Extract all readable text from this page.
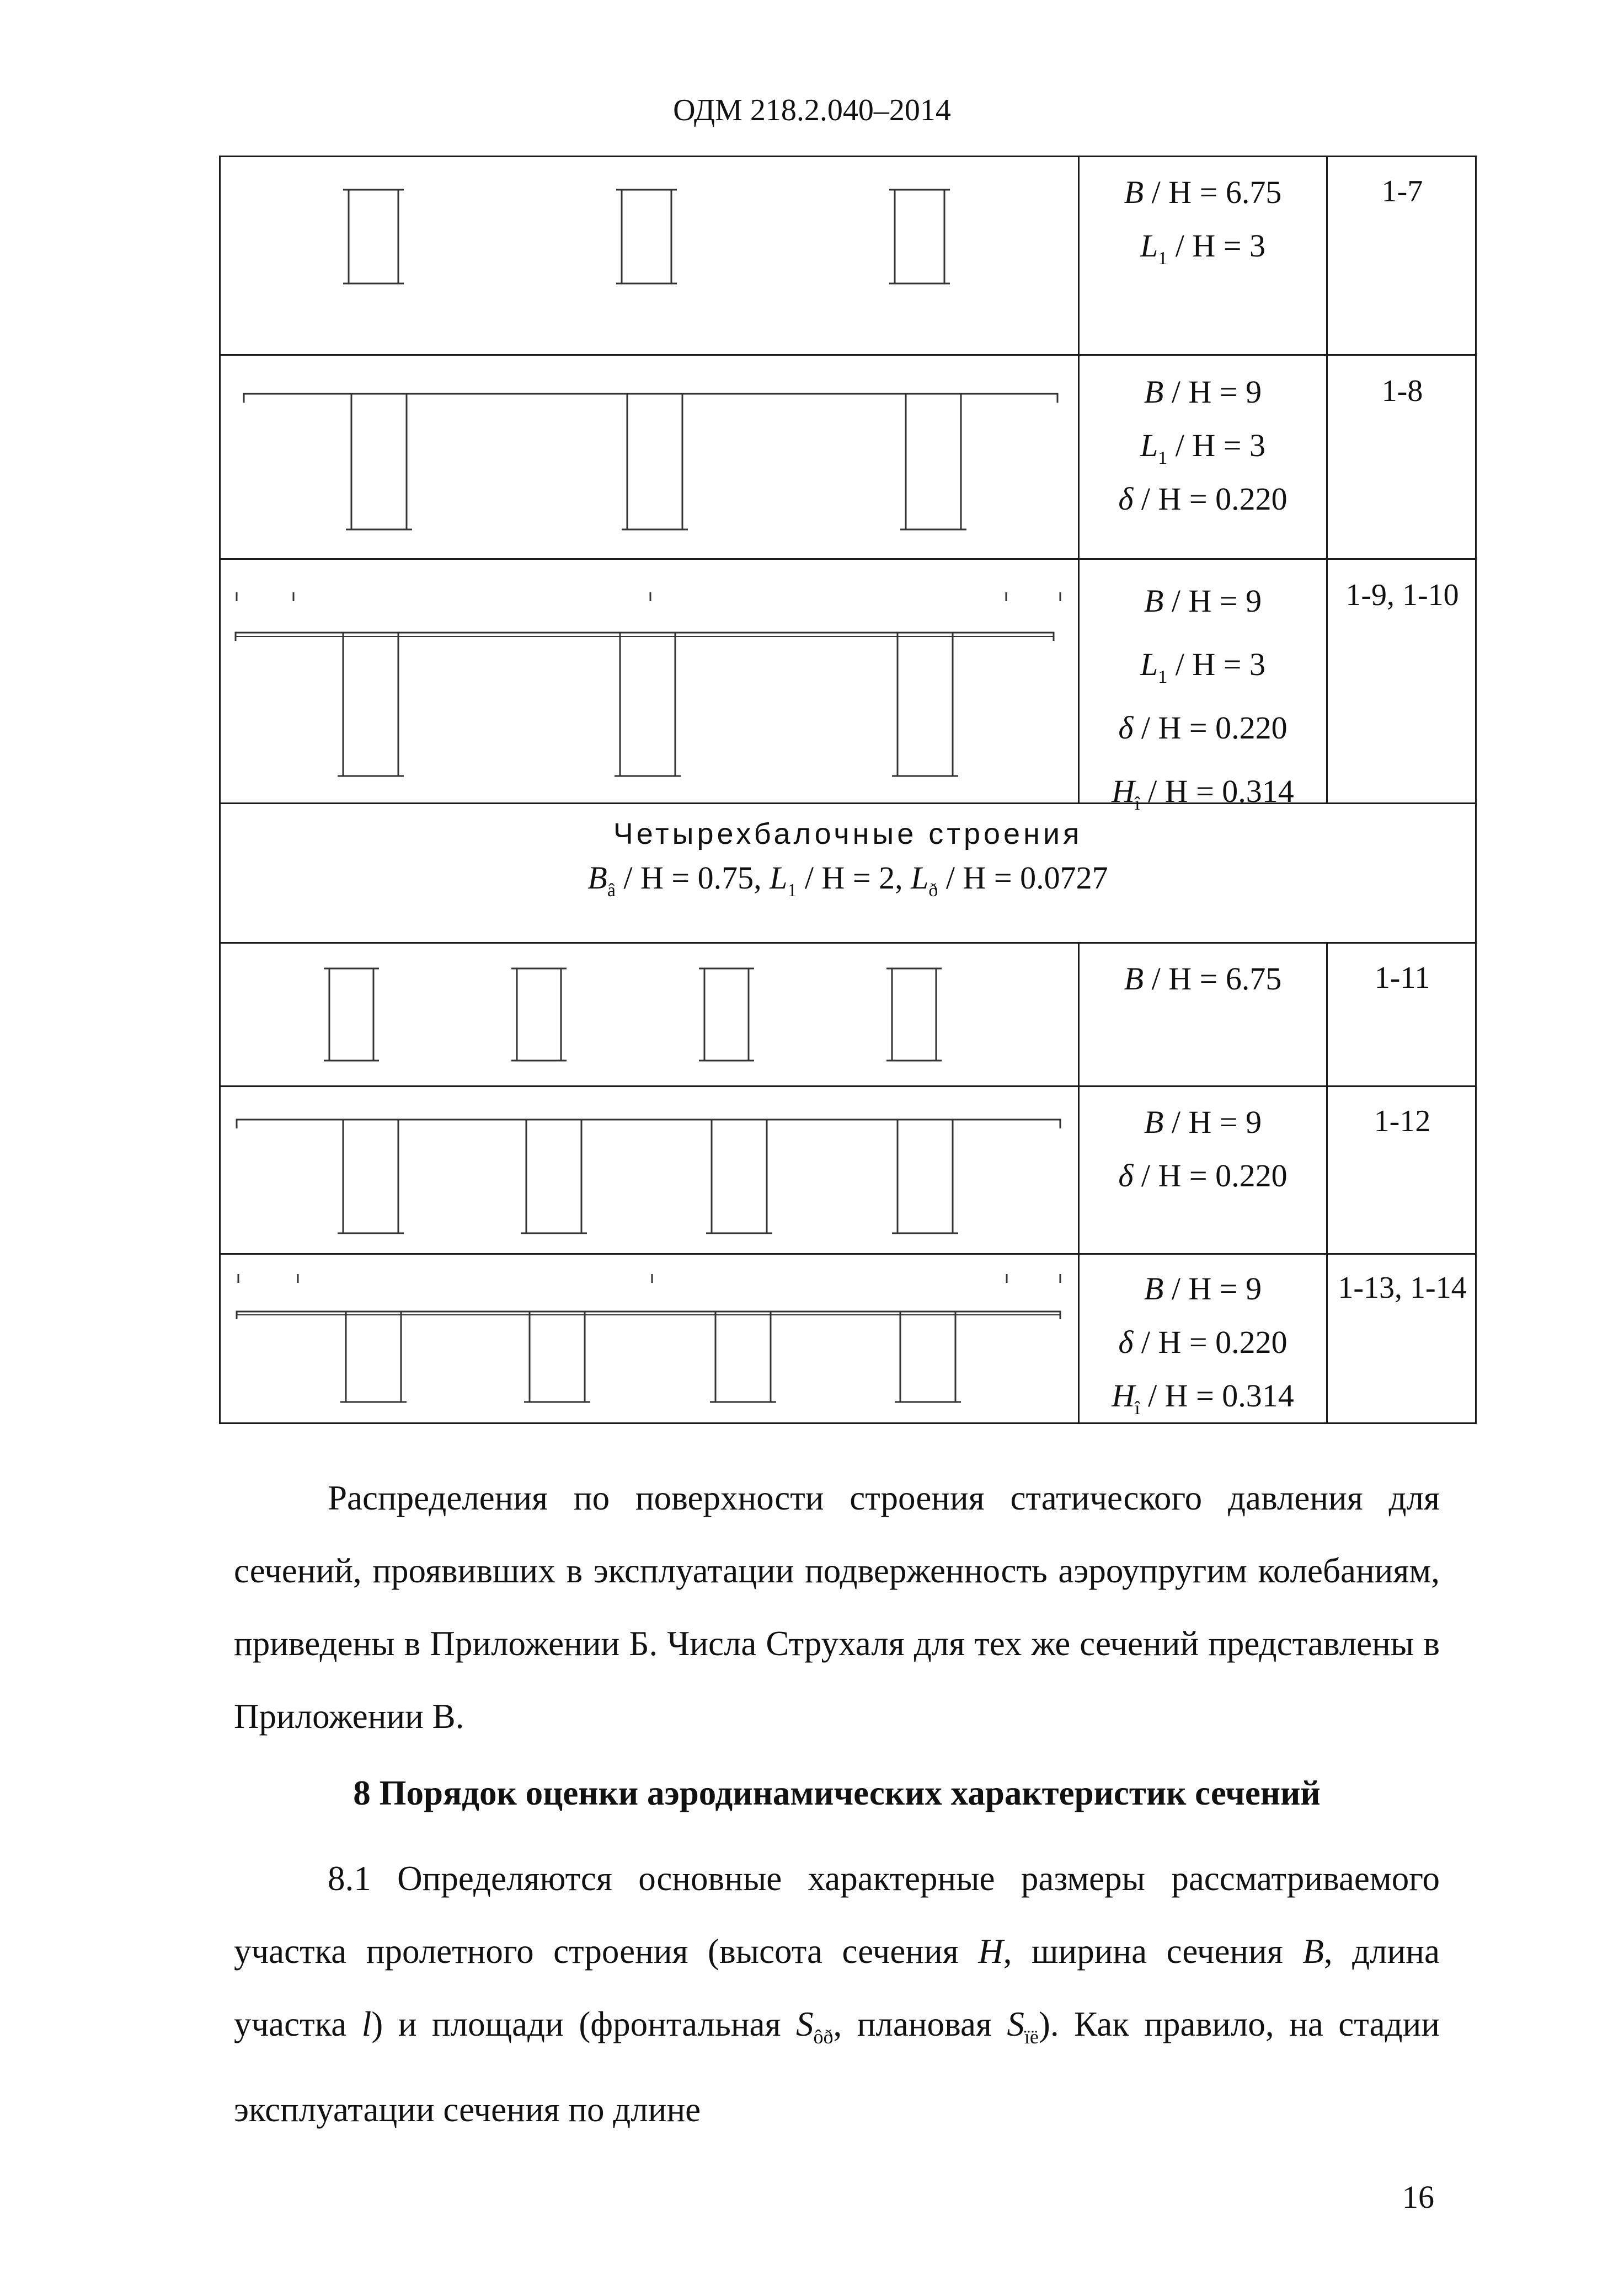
ОДМ 218.2.040–2014
B / H = 6.75
$L_1 / H = 3$
1-7
B / H = 9
$L_1 / H = 3$
δ / H = 0.220
1-8
B / H = 9
$L_1 / H = 3$
δ / H = 0.220
$H_î / H = 0.314$
1-9, 1-10
Четырехбалочные строения
$B_â / H = 0.75$, $L_1 / H = 2$, $L_ð / H = 0.0727$
B / H = 6.75	1-11
B / H = 9
δ / H = 0.220
1-12
B / H = 9
δ / H = 0.220
$H_î / H = 0.314$
1-13, 1-14
Распределения по поверхности строения статического давления для сечений, проявивших в эксплуатации подверженность аэроупругим колебаниям, приведены в Приложении Б. Числа Струхаля для тех же сечений представлены в Приложении В.
8 Порядок оценки аэродинамических характеристик сечений
8.1 Определяются основные характерные размеры рассматриваемого участка пролетного строения (высота сечения H, ширина сечения B, длина участка l) и площади (фронтальная $S_{ôð}$, плановая $S_{ïë}$). Как правило, на стадии эксплуатации сечения по длине
16
